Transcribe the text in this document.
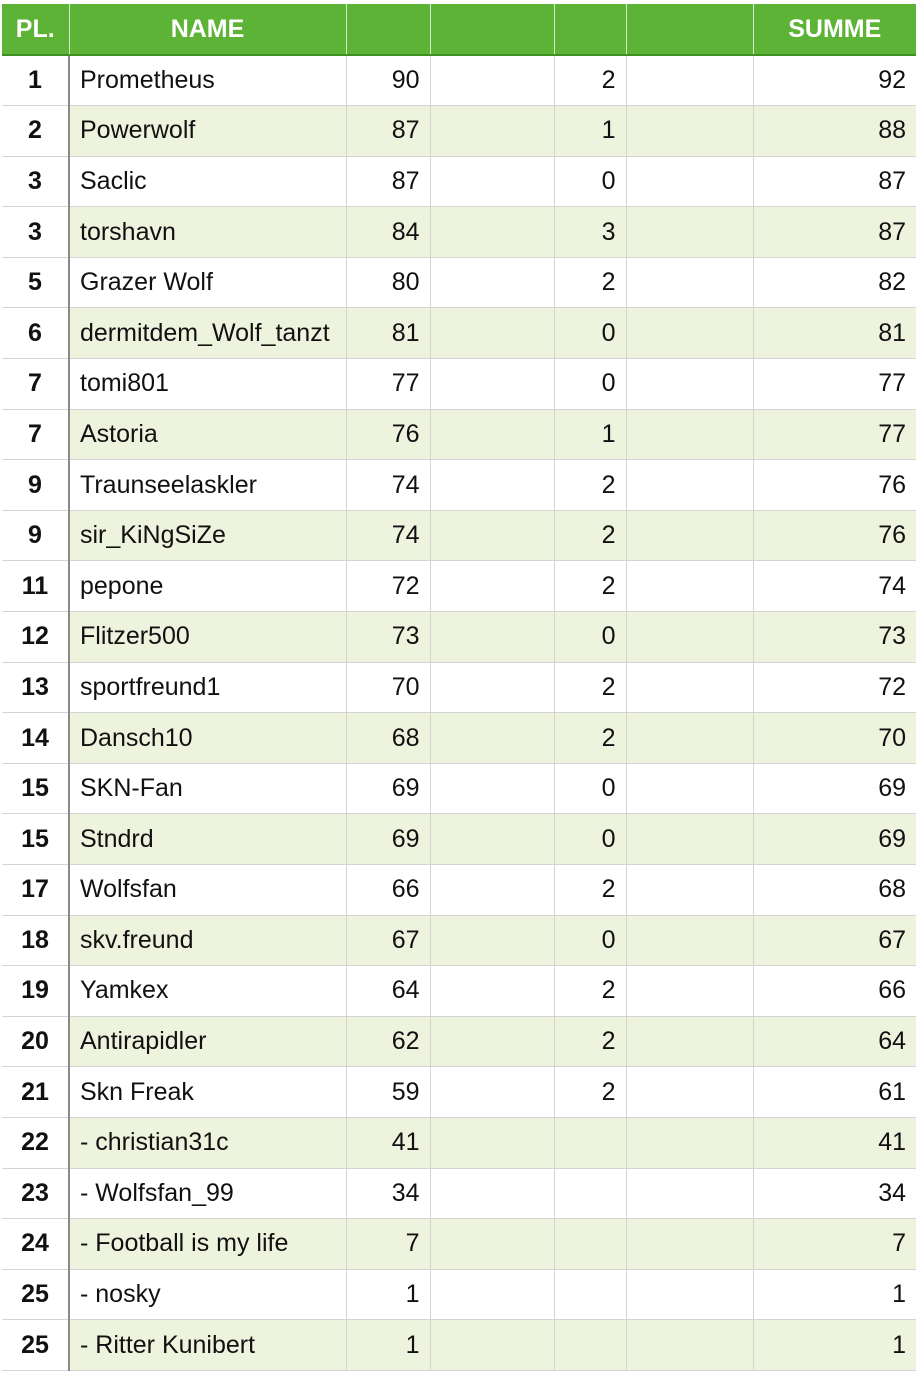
PL.	NAME					SUMME
1	Prometheus	90		2		92
2	Powerwolf	87		1		88
3	Saclic	87		0		87
3	torshavn	84		3		87
5	Grazer Wolf	80		2		82
6	dermitdem_Wolf_tanzt	81		0		81
7	tomi801	77		0		77
7	Astoria	76		1		77
9	Traunseelaskler	74		2		76
9	sir_KiNgSiZe	74		2		76
11	pepone	72		2		74
12	Flitzer500	73		0		73
13	sportfreund1	70		2		72
14	Dansch10	68		2		70
15	SKN-Fan	69		0		69
15	Stndrd	69		0		69
17	Wolfsfan	66		2		68
18	skv.freund	67		0		67
19	Yamkex	64		2		66
20	Antirapidler	62		2		64
21	Skn Freak	59		2		61
22	- christian31c	41				41
23	- Wolfsfan_99	34				34
24	- Football is my life	7				7
25	- nosky	1				1
25	- Ritter Kunibert	1				1
